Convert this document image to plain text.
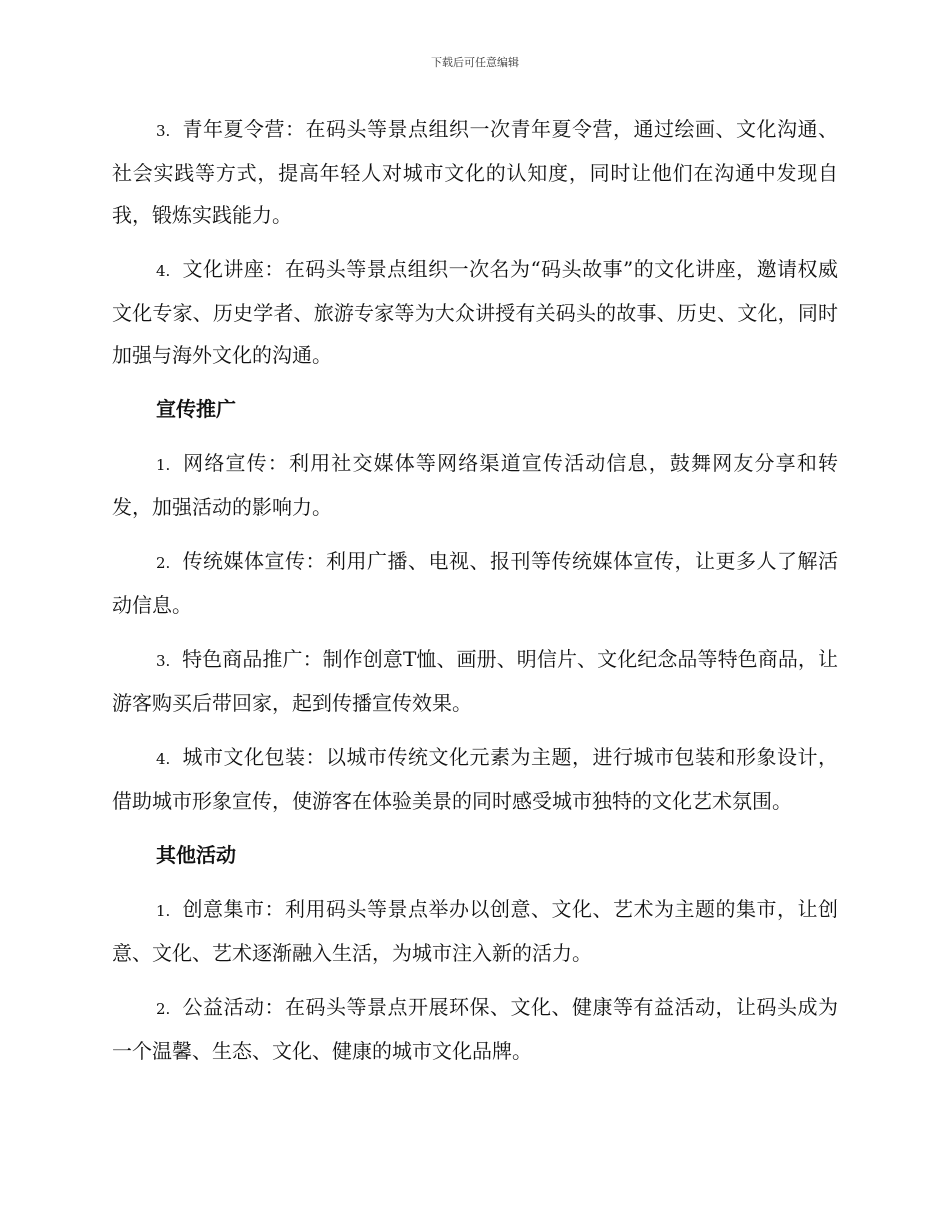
下载后可任意编辑

3. 青年夏令营：在码头等景点组织一次青年夏令营，通过绘画、文化沟通、社会实践等方式，提高年轻人对城市文化的认知度，同时让他们在沟通中发现自我，锻炼实践能力。

4. 文化讲座：在码头等景点组织一次名为“码头故事”的文化讲座，邀请权威文化专家、历史学者、旅游专家等为大众讲授有关码头的故事、历史、文化，同时加强与海外文化的沟通。

宣传推广

1. 网络宣传：利用社交媒体等网络渠道宣传活动信息，鼓舞网友分享和转发，加强活动的影响力。

2. 传统媒体宣传：利用广播、电视、报刊等传统媒体宣传，让更多人了解活动信息。

3. 特色商品推广：制作创意T恤、画册、明信片、文化纪念品等特色商品，让游客购买后带回家，起到传播宣传效果。

4. 城市文化包装：以城市传统文化元素为主题，进行城市包装和形象设计，借助城市形象宣传，使游客在体验美景的同时感受城市独特的文化艺术氛围。

其他活动

1. 创意集市：利用码头等景点举办以创意、文化、艺术为主题的集市，让创意、文化、艺术逐渐融入生活，为城市注入新的活力。

2. 公益活动：在码头等景点开展环保、文化、健康等有益活动，让码头成为一个温馨、生态、文化、健康的城市文化品牌。
